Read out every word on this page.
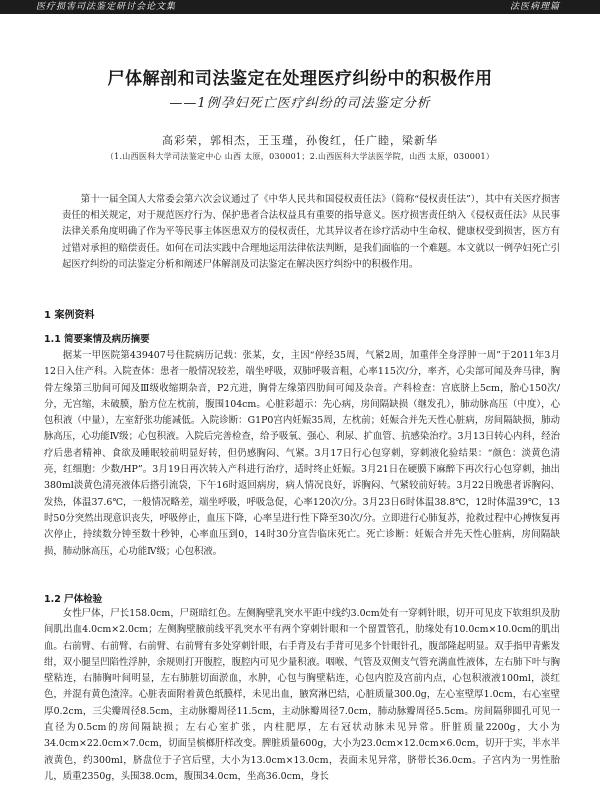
医疗损害司法鉴定研讨会论文集	法医病理篇
尸体解剖和司法鉴定在处理医疗纠纷中的积极作用
——1例孕妇死亡医疗纠纷的司法鉴定分析
高彩荣，郭相杰，王玉瑾，孙俊红，任广睦，梁新华
（1.山西医科大学司法鉴定中心 山西 太原，030001；2.山西医科大学法医学院，山西 太原，030001）

第十一届全国人大常委会第六次会议通过了《中华人民共和国侵权责任法》（简称“侵权责任法”），其中有关医疗损害责任的相关规定，对于规范医疗行为、保护患者合法权益具有重要的指导意义。医疗损害责任纳入《侵权责任法》从民事法律关系角度明确了作为平等民事主体医患双方的侵权责任，尤其异议者在诊疗活动中生命权、健康权受到损害，医方有过错对承担的赔偿责任。如何在司法实践中合理地运用法律依法判断，是我们面临的一个难题。本文就以一例孕妇死亡引起医疗纠纷的司法鉴定分析和阐述尸体解剖及司法鉴定在解决医疗纠纷中的积极作用。

1 案例资料
1.1 简要案情及病历摘要

据某一甲医院第439407号住院病历记载：张某，女，主因“停经35周，气紧2周，加重伴全身浮肿一周”于2011年3月12日入住产科。入院查体：患者一般情况较差，端坐呼吸，双肺呼吸音粗，心率115次/分，率齐，心尖部可闻及奔马律，胸骨左缘第三肋间可闻及Ⅲ级收缩期杂音，P2亢进，胸骨左缘第四肋间可闻及杂音。产科检查：宫底脐上5cm，胎心150次/分，无宫缩，未破膜，胎方位左枕前，腹围104cm。心脏彩超示：先心病，房间隔缺损（继发孔），肺动脉高压（中度），心包积液（中量），左室舒张功能减低。入院诊断：G1P0宫内妊娠35周，左枕前；妊娠合并先天性心脏病，房间隔缺损，肺动脉高压，心功能Ⅳ级；心包积液。入院后完善检查，给予吸氧、强心、利尿、扩血管、抗感染治疗。3月13日转心内科，经治疗后患者精神、食欲及睡眠较前明显好转，但仍感胸闷、气紧。3月17日行心包穿刺，穿刺液化验结果：“颜色：淡黄色清亮，红细胞：少数/HP”。3月19日再次转入产科进行治疗，适时终止妊娠。3月21日在硬膜下麻醉下再次行心包穿刺，抽出380ml淡黄色清亮液体后搭引流袋，下午16时返回病房，病人情况良好，诉胸闷、气紧较前好转。3月22日晚患者诉胸闷、发热，体温37.6℃，一般情况略差，端坐呼吸，呼吸急促，心率120次/分。3月23日6时体温38.8℃，12时体温39℃，13时50分突然出现意识丧失，呼吸停止，血压下降，心率呈进行性下降至30次/分。立即进行心肺复苏，抢救过程中心搏恢复再次停止，持续数分钟至数十秒钟，心率血压到0，14时30分宣告临床死亡。死亡诊断：妊娠合并先天性心脏病，房间隔缺损，肺动脉高压，心功能Ⅳ级；心包积液。

1.2 尸体检验

女性尸体，尸长158.0cm，尸斑暗红色。左侧胸壁乳突水平距中线约3.0cm处有一穿刺针眼，切开可见皮下软组织及肋间肌出血4.0cm×2.0cm；左侧胸壁腋前线平乳突水平有两个穿刺针眼和一个留置管孔，肋缘处有10.0cm×10.0cm的肌出血。右前臂、右前臂、右前臂、右前臂有多处穿刺针眼，右手背及右手背可见多个针眼针孔，腹部隆起明显。双手指甲青紫发绀，双小腿呈凹陷性浮肿，余规则打开腹腔，腹腔内可见少量积液。咽喉、气管及双侧支气管充满血性液体，左右肺下叶与胸壁粘连，右肺胸叶间明显，左右肺脏切面淤血，水肿，心包与胸壁粘连，心包内腔及宫前内点，心包积液液100ml，淡红色，并混有黄色渣滓。心脏表面附着黄色纸膜样，未见出血，腋窝淋巴结，心脏质量300.0g，左心室壁厚1.0cm，右心室壁厚0.2cm，三尖瓣周径8.5cm，主动脉瓣周径11.5cm，主动脉瓣周径7.0cm，肺动脉瓣周径5.5cm。房间隔卵圆孔可见一直径为0.5cm的房间隔缺损；左右心室扩张，内柱肥厚，左右冠状动脉未见异常。肝脏质量2200g，大小为34.0cm×22.0cm×7.0cm，切面呈槟榔肝样改变。脾脏质量600g，大小为23.0cm×12.0cm×6.0cm，切开于实，半水半液黄色，约300ml，脐盘位于子宫后壁，大小为13.0cm×13.0cm，表面未见异常，脐带长36.0cm。子宫内为一男性胎儿，质重2350g，头围38.0cm，腹围34.0cm，坐高36.0cm，身长
